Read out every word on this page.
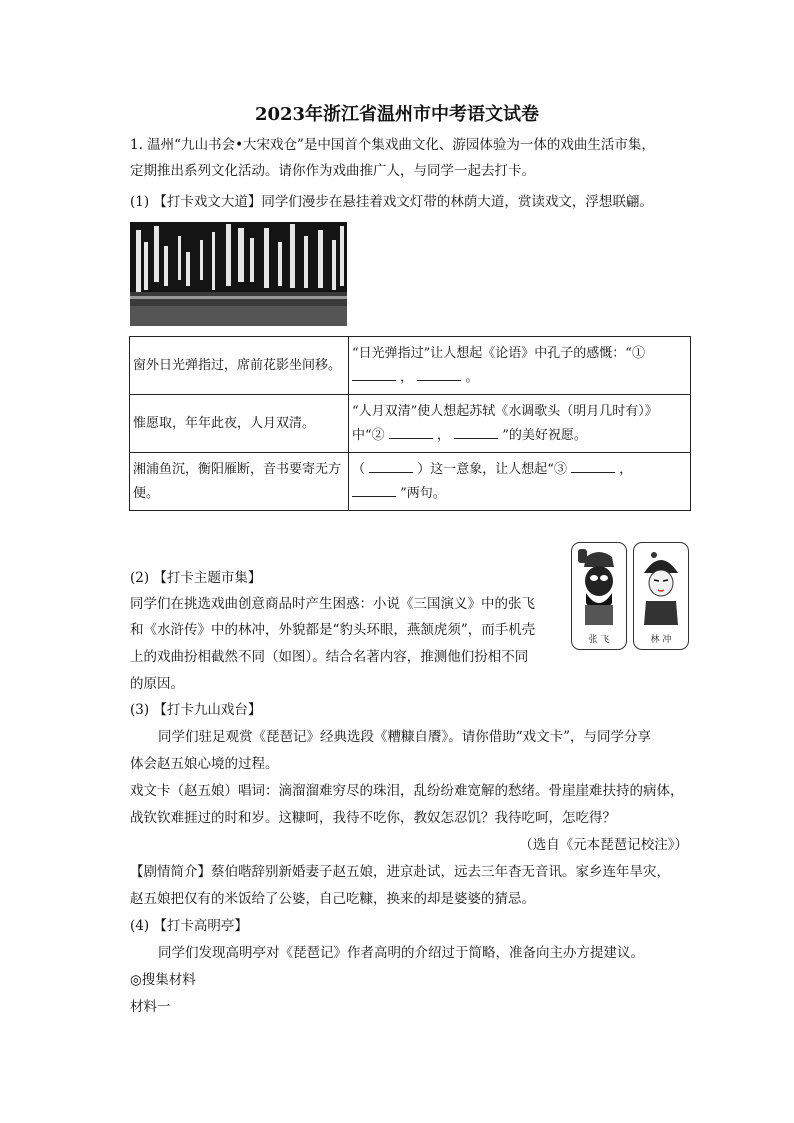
2023年浙江省温州市中考语文试卷
1. 温州“九山书会•大宋戏仓”是中国首个集戏曲文化、游园体验为一体的戏曲生活市集，
定期推出系列文化活动。请你作为戏曲推广人，与同学一起去打卡。
(1) 【打卡戏文大道】同学们漫步在悬挂着戏文灯带的林荫大道，赏读戏文，浮想联翩。
窗外日光弹指过，席前花影坐间移。	“日光弹指过”让人想起《论语》中孔子的感慨：“①
， 。
惟愿取，年年此夜，人月双清。	“人月双清”使人想起苏轼《水调歌头（明月几时有）》
中“② ， ”的美好祝愿。
湘浦鱼沉，衡阳雁断，音书要寄无方便。	（ ）这一意象，让人想起“③ ，
”两句。
(2) 【打卡主题市集】
同学们在挑选戏曲创意商品时产生困惑：小说《三国演义》中的张飞
和《水浒传》中的林冲，外貌都是“豹头环眼，燕颔虎须”，而手机壳
上的戏曲扮相截然不同（如图）。结合名著内容，推测他们扮相不同
的原因。
张 飞	林 冲
(3) 【打卡九山戏台】
同学们驻足观赏《琵琶记》经典选段《糟糠自餍》。请你借助“戏文卡”，与同学分享
体会赵五娘心境的过程。
戏文卡（赵五娘）唱词：滴溜溜难穷尽的珠泪，乱纷纷难宽解的愁绪。骨崖崖难扶持的病体，
战钦钦难捱过的时和岁。这糠呵，我待不吃你，教奴怎忍饥？我待吃呵，怎吃得？
（选自《元本琵琶记校注》）
【剧情简介】蔡伯喈辞别新婚妻子赵五娘，进京赴试，远去三年杳无音讯。家乡连年旱灾，
赵五娘把仅有的米饭给了公婆，自己吃糠，换来的却是婆婆的猜忌。
(4) 【打卡高明亭】
同学们发现高明亭对《琵琶记》作者高明的介绍过于简略，准备向主办方提建议。
◎搜集材料
材料一
